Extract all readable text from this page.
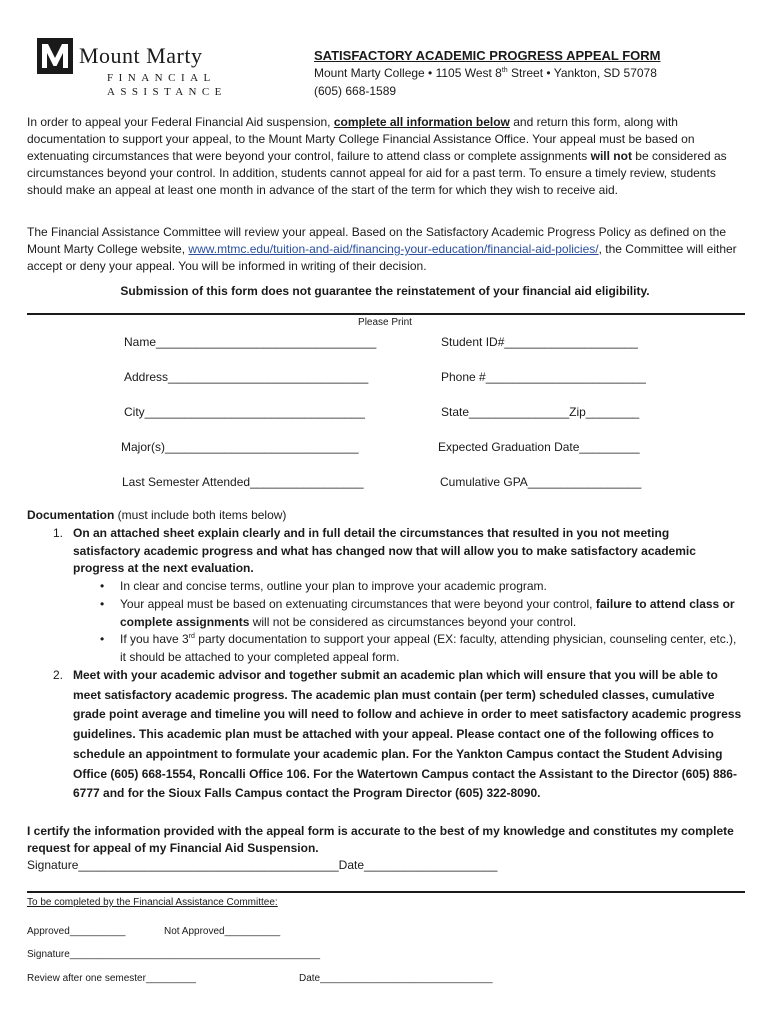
Mount Marty
FINANCIAL
ASSISTANCE
SATISFACTORY ACADEMIC PROGRESS APPEAL FORM
Mount Marty College • 1105 West 8th Street • Yankton, SD 57078
(605) 668-1589
In order to appeal your Federal Financial Aid suspension, complete all information below and return this form, along with documentation to support your appeal, to the Mount Marty College Financial Assistance Office. Your appeal must be based on extenuating circumstances that were beyond your control, failure to attend class or complete assignments will not be considered as circumstances beyond your control. In addition, students cannot appeal for aid for a past term. To ensure a timely review, students should make an appeal at least one month in advance of the start of the term for which they wish to receive aid.
The Financial Assistance Committee will review your appeal. Based on the Satisfactory Academic Progress Policy as defined on the Mount Marty College website, www.mtmc.edu/tuition-and-aid/financing-your-education/financial-aid-policies/, the Committee will either accept or deny your appeal. You will be informed in writing of their decision.
Submission of this form does not guarantee the reinstatement of your financial aid eligibility.
Please Print
Name_________________________________	Student ID#____________________
Address______________________________	Phone #________________________
City_________________________________	State_______________Zip________
Major(s)_____________________________	Expected Graduation Date_________
Last Semester Attended_________________	Cumulative GPA_________________
Documentation (must include both items below)
1. On an attached sheet explain clearly and in full detail the circumstances that resulted in you not meeting satisfactory academic progress and what has changed now that will allow you to make satisfactory academic progress at the next evaluation.
• In clear and concise terms, outline your plan to improve your academic program.
• Your appeal must be based on extenuating circumstances that were beyond your control, failure to attend class or complete assignments will not be considered as circumstances beyond your control.
• If you have 3rd party documentation to support your appeal (EX: faculty, attending physician, counseling center, etc.), it should be attached to your completed appeal form.
2. Meet with your academic advisor and together submit an academic plan which will ensure that you will be able to meet satisfactory academic progress. The academic plan must contain (per term) scheduled classes, cumulative grade point average and timeline you will need to follow and achieve in order to meet satisfactory academic progress guidelines. This academic plan must be attached with your appeal. Please contact one of the following offices to schedule an appointment to formulate your academic plan. For the Yankton Campus contact the Student Advising Office (605) 668-1554, Roncalli Office 106. For the Watertown Campus contact the Assistant to the Director (605) 886-6777 and for the Sioux Falls Campus contact the Program Director (605) 322-8090.
I certify the information provided with the appeal form is accurate to the best of my knowledge and constitutes my complete request for appeal of my Financial Aid Suspension.
Signature_______________________________________Date____________________
To be completed by the Financial Assistance Committee:
Approved__________	Not Approved__________
Signature_____________________________________________
Review after one semester_________	Date_______________________________
